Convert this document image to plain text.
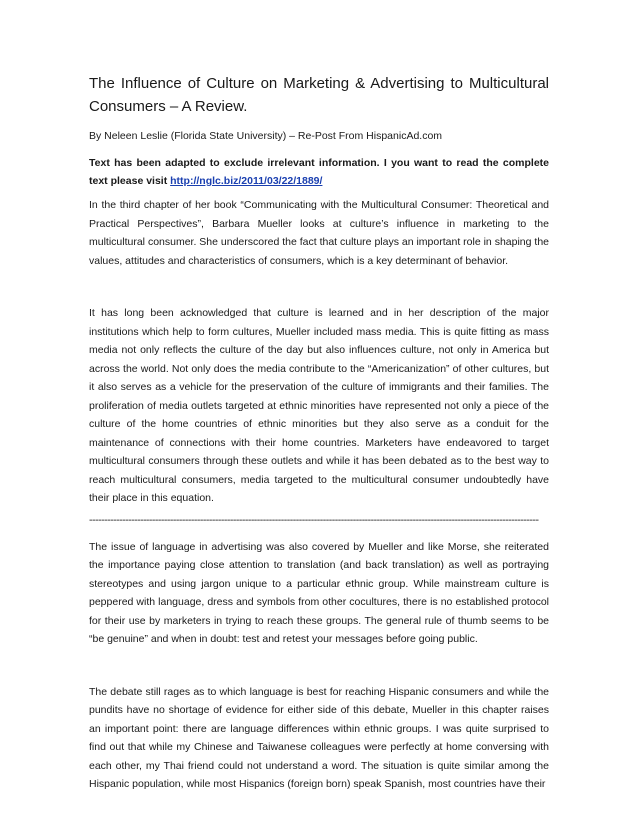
The Influence of Culture on Marketing & Advertising to Multicultural Consumers – A Review.
By Neleen Leslie (Florida State University) – Re-Post From HispanicAd.com
Text has been adapted to exclude irrelevant information. I you want to read the complete text please visit http://nglc.biz/2011/03/22/1889/

In the third chapter of her book “Communicating with the Multicultural Consumer: Theoretical and Practical Perspectives”, Barbara Mueller looks at culture’s influence in marketing to the multicultural consumer. She underscored the fact that culture plays an important role in shaping the values, attitudes and characteristics of consumers, which is a key determinant of behavior.

It has long been acknowledged that culture is learned and in her description of the major institutions which help to form cultures, Mueller included mass media. This is quite fitting as mass media not only reflects the culture of the day but also influences culture, not only in America but across the world. Not only does the media contribute to the “Americanization” of other cultures, but it also serves as a vehicle for the preservation of the culture of immigrants and their families. The proliferation of media outlets targeted at ethnic minorities have represented not only a piece of the culture of the home countries of ethnic minorities but they also serve as a conduit for the maintenance of connections with their home countries. Marketers have endeavored to target multicultural consumers through these outlets and while it has been debated as to the best way to reach multicultural consumers, media targeted to the multicultural consumer undoubtedly have their place in this equation.

------------------------------------------------------------------------------------------------------------------------------------------------------

The issue of language in advertising was also covered by Mueller and like Morse, she reiterated the importance paying close attention to translation (and back translation) as well as portraying stereotypes and using jargon unique to a particular ethnic group. While mainstream culture is peppered with language, dress and symbols from other cocultures, there is no established protocol for their use by marketers in trying to reach these groups. The general rule of thumb seems to be “be genuine” and when in doubt: test and retest your messages before going public.

The debate still rages as to which language is best for reaching Hispanic consumers and while the pundits have no shortage of evidence for either side of this debate, Mueller in this chapter raises an important point: there are language differences within ethnic groups. I was quite surprised to find out that while my Chinese and Taiwanese colleagues were perfectly at home conversing with each other, my Thai friend could not understand a word. The situation is quite similar among the Hispanic population, while most Hispanics (foreign born) speak Spanish, most countries have their
